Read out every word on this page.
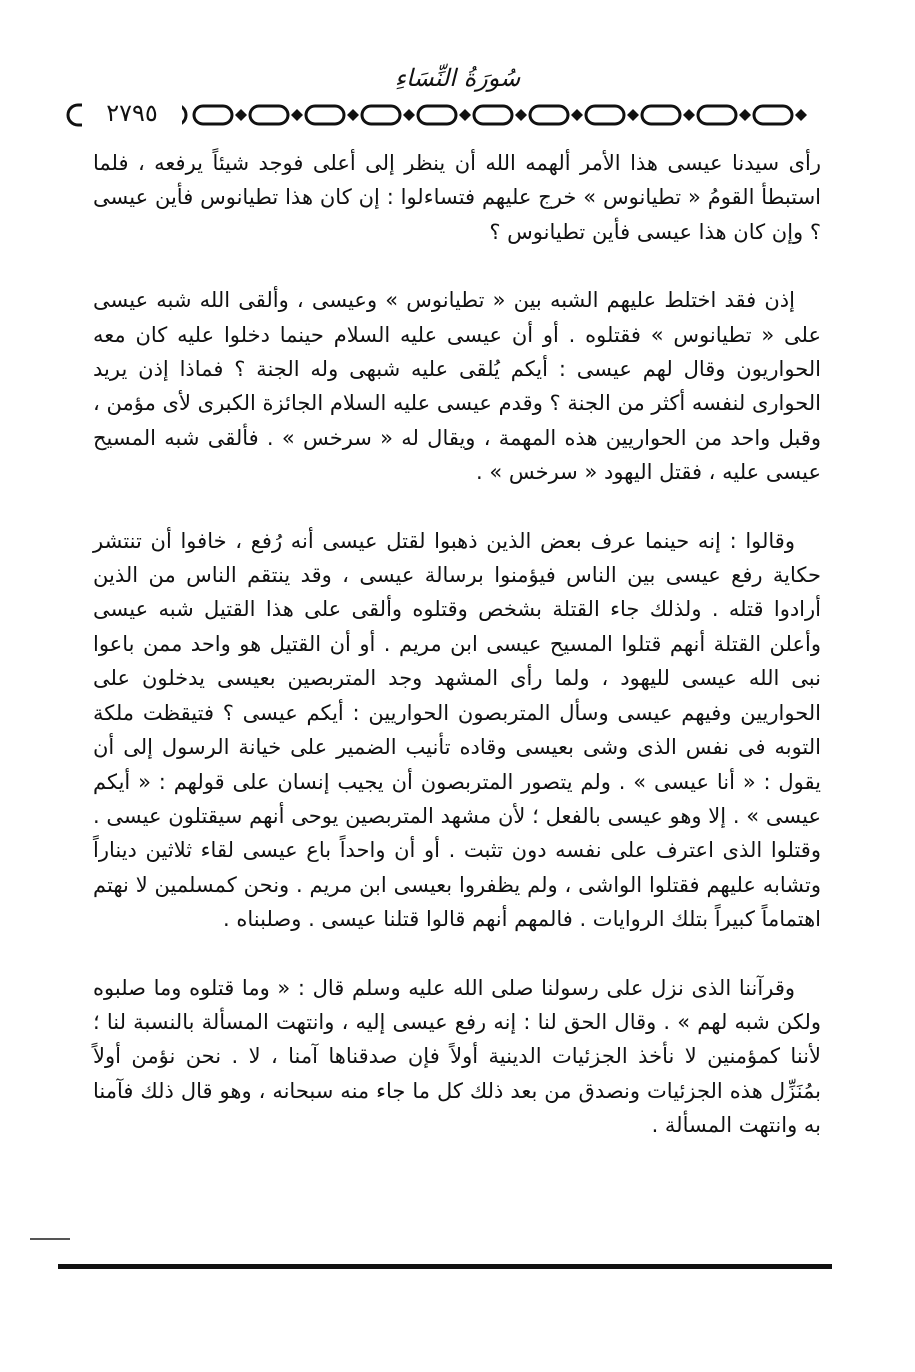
سُورَةُ النِّسَاءِ
٢٧٩٥

رأى سيدنا عيسى هذا الأمر ألهمه الله أن ينظر إلى أعلى فوجد شيئاً يرفعه ، فلما استبطأ القومُ « تطيانوس » خرج عليهم فتساءلوا : إن كان هذا تطيانوس فأين عيسى ؟ وإن كان هذا عيسى فأين تطيانوس ؟

إذن فقد اختلط عليهم الشبه بين « تطيانوس » وعيسى ، وألقى الله شبه عيسى على « تطيانوس » فقتلوه . أو أن عيسى عليه السلام حينما دخلوا عليه كان معه الحواريون وقال لهم عيسى : أيكم يُلقى عليه شبهى وله الجنة ؟ فماذا إذن يريد الحوارى لنفسه أكثر من الجنة ؟ وقدم عيسى عليه السلام الجائزة الكبرى لأى مؤمن ، وقبل واحد من الحواريين هذه المهمة ، ويقال له « سرخس » . فألقى شبه المسيح عيسى عليه ، فقتل اليهود « سرخس » .

وقالوا : إنه حينما عرف بعض الذين ذهبوا لقتل عيسى أنه رُفع ، خافوا أن تنتشر حكاية رفع عيسى بين الناس فيؤمنوا برسالة عيسى ، وقد ينتقم الناس من الذين أرادوا قتله . ولذلك جاء القتلة بشخص وقتلوه وألقى على هذا القتيل شبه عيسى وأعلن القتلة أنهم قتلوا المسيح عيسى ابن مريم . أو أن القتيل هو واحد ممن باعوا نبى الله عيسى لليهود ، ولما رأى المشهد وجد المتربصين بعيسى يدخلون على الحواريين وفيهم عيسى وسأل المتربصون الحواريين : أيكم عيسى ؟ فتيقظت ملكة التوبه فى نفس الذى وشى بعيسى وقاده تأنيب الضمير على خيانة الرسول إلى أن يقول : « أنا عيسى » . ولم يتصور المتربصون أن يجيب إنسان على قولهم : « أيكم عيسى » . إلا وهو عيسى بالفعل ؛ لأن مشهد المتربصين يوحى أنهم سيقتلون عيسى . وقتلوا الذى اعترف على نفسه دون تثبت . أو أن واحداً باع عيسى لقاء ثلاثين ديناراً وتشابه عليهم فقتلوا الواشى ، ولم يظفروا بعيسى ابن مريم . ونحن كمسلمين لا نهتم اهتماماً كبيراً بتلك الروايات . فالمهم أنهم قالوا قتلنا عيسى . وصلبناه .

وقرآننا الذى نزل على رسولنا صلى الله عليه وسلم قال : « وما قتلوه وما صلبوه ولكن شبه لهم » . وقال الحق لنا : إنه رفع عيسى إليه ، وانتهت المسألة بالنسبة لنا ؛ لأننا كمؤمنين لا نأخذ الجزئيات الدينية أولاً فإن صدقناها آمنا ، لا . نحن نؤمن أولاً بمُنَزِّل هذه الجزئيات ونصدق من بعد ذلك كل ما جاء منه سبحانه ، وهو قال ذلك فآمنا به وانتهت المسألة .
